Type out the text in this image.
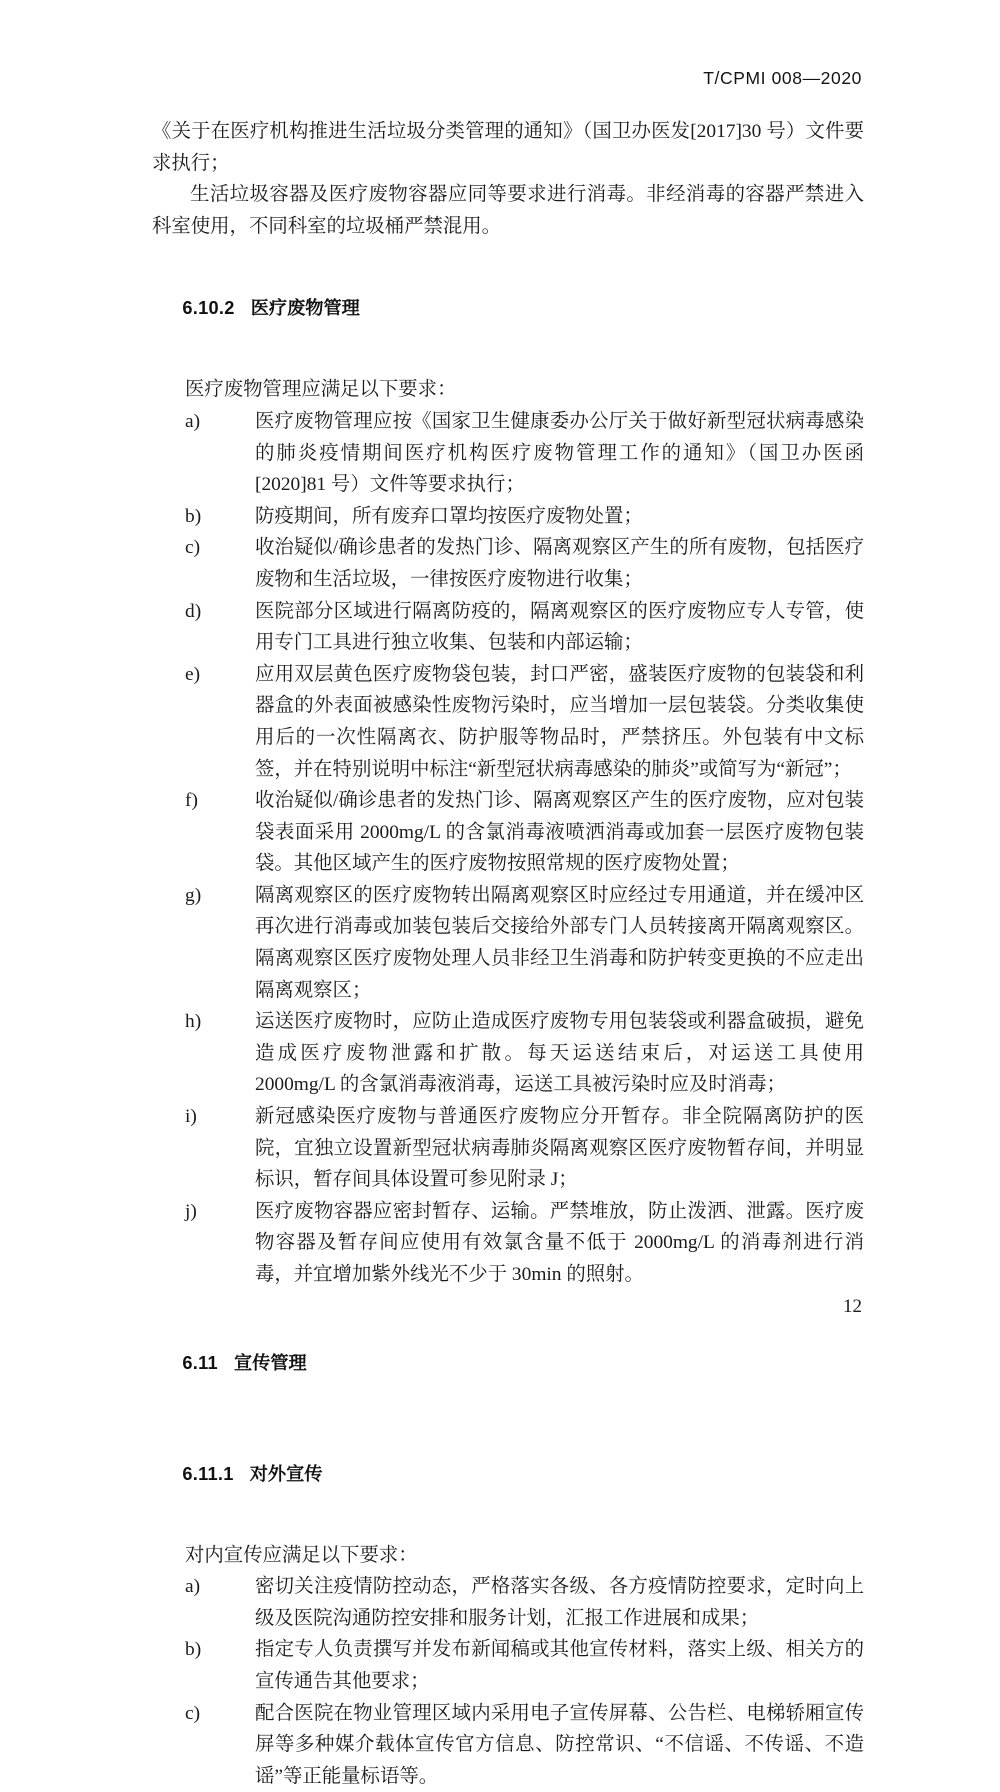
T/CPMI 008—2020

《关于在医疗机构推进生活垃圾分类管理的通知》（国卫办医发[2017]30 号）文件要求执行；

生活垃圾容器及医疗废物容器应同等要求进行消毒。非经消毒的容器严禁进入科室使用，不同科室的垃圾桶严禁混用。

6.10.2 医疗废物管理

医疗废物管理应满足以下要求：

a)	医疗废物管理应按《国家卫生健康委办公厅关于做好新型冠状病毒感染的肺炎疫情期间医疗机构医疗废物管理工作的通知》（国卫办医函[2020]81 号）文件等要求执行；
b)	防疫期间，所有废弃口罩均按医疗废物处置；
c)	收治疑似/确诊患者的发热门诊、隔离观察区产生的所有废物，包括医疗废物和生活垃圾，一律按医疗废物进行收集；
d)	医院部分区域进行隔离防疫的，隔离观察区的医疗废物应专人专管，使用专门工具进行独立收集、包装和内部运输；
e)	应用双层黄色医疗废物袋包装，封口严密，盛装医疗废物的包装袋和利器盒的外表面被感染性废物污染时，应当增加一层包装袋。分类收集使用后的一次性隔离衣、防护服等物品时，严禁挤压。外包装有中文标签，并在特别说明中标注“新型冠状病毒感染的肺炎”或简写为“新冠”；
f)	收治疑似/确诊患者的发热门诊、隔离观察区产生的医疗废物，应对包装袋表面采用 2000mg/L 的含氯消毒液喷洒消毒或加套一层医疗废物包装袋。其他区域产生的医疗废物按照常规的医疗废物处置；
g)	隔离观察区的医疗废物转出隔离观察区时应经过专用通道，并在缓冲区再次进行消毒或加装包装后交接给外部专门人员转接离开隔离观察区。隔离观察区医疗废物处理人员非经卫生消毒和防护转变更换的不应走出隔离观察区；
h)	运送医疗废物时，应防止造成医疗废物专用包装袋或利器盒破损，避免造成医疗废物泄露和扩散。每天运送结束后，对运送工具使用 2000mg/L 的含氯消毒液消毒，运送工具被污染时应及时消毒；
i)	新冠感染医疗废物与普通医疗废物应分开暂存。非全院隔离防护的医院，宜独立设置新型冠状病毒肺炎隔离观察区医疗废物暂存间，并明显标识，暂存间具体设置可参见附录 J；
j)	医疗废物容器应密封暂存、运输。严禁堆放，防止泼洒、泄露。医疗废物容器及暂存间应使用有效氯含量不低于 2000mg/L 的消毒剂进行消毒，并宜增加紫外线光不少于 30min 的照射。

6.11 宣传管理

6.11.1 对外宣传

对内宣传应满足以下要求：

a)	密切关注疫情防控动态，严格落实各级、各方疫情防控要求，定时向上级及医院沟通防控安排和服务计划，汇报工作进展和成果；
b)	指定专人负责撰写并发布新闻稿或其他宣传材料，落实上级、相关方的宣传通告其他要求；
c)	配合医院在物业管理区域内采用电子宣传屏幕、公告栏、电梯轿厢宣传屏等多种媒介载体宣传官方信息、防控常识、“不信谣、不传谣、不造谣”等正能量标语等。
12
